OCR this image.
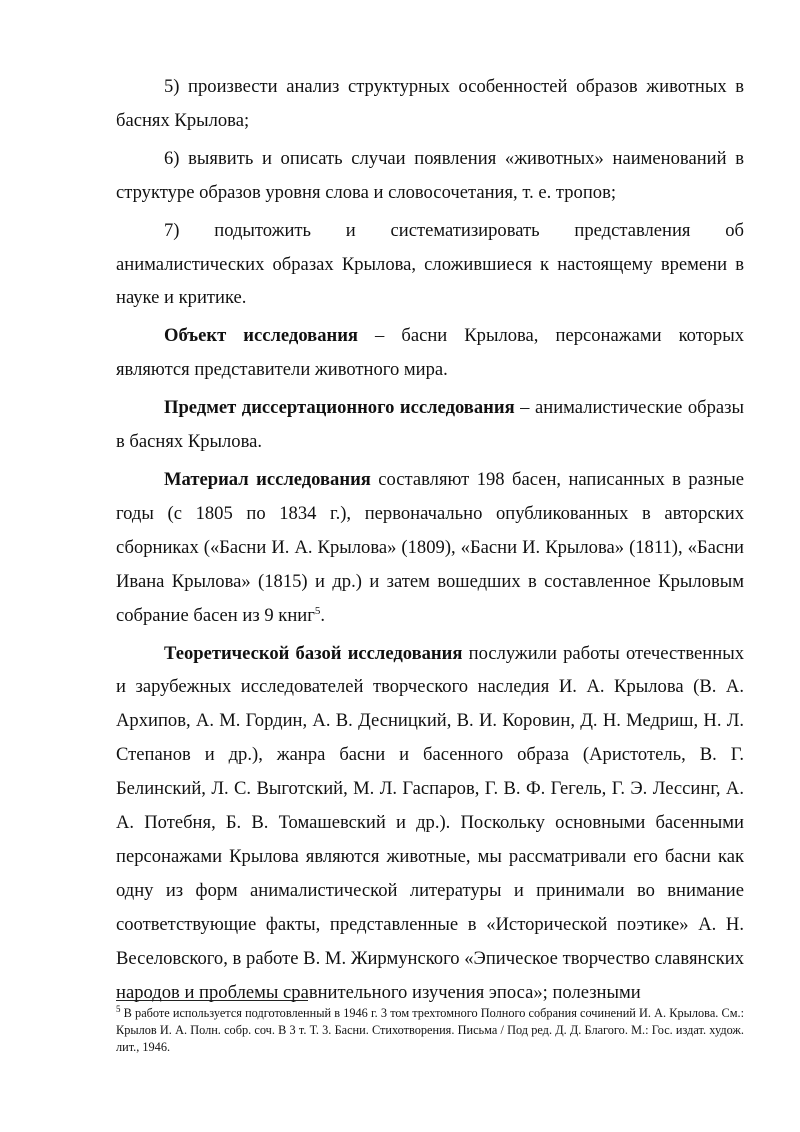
5) произвести анализ структурных особенностей образов животных в баснях Крылова;

6) выявить и описать случаи появления «животных» наименований в структуре образов уровня слова и словосочетания, т. е. тропов;

7) подытожить и систематизировать представления об анималистических образах Крылова, сложившиеся к настоящему времени в науке и критике.

Объект исследования – басни Крылова, персонажами которых являются представители животного мира.

Предмет диссертационного исследования – анималистические образы в баснях Крылова.

Материал исследования составляют 198 басен, написанных в разные годы (с 1805 по 1834 г.), первоначально опубликованных в авторских сборниках («Басни И. А. Крылова» (1809), «Басни И. Крылова» (1811), «Басни Ивана Крылова» (1815) и др.) и затем вошедших в составленное Крыловым собрание басен из 9 книг$^5$.

Теоретической базой исследования послужили работы отечественных и зарубежных исследователей творческого наследия И. А. Крылова (В. А. Архипов, А. М. Гордин, А. В. Десницкий, В. И. Коровин, Д. Н. Медриш, Н. Л. Степанов и др.), жанра басни и басенного образа (Аристотель, В. Г. Белинский, Л. С. Выготский, М. Л. Гаспаров, Г. В. Ф. Гегель, Г. Э. Лессинг, А. А. Потебня, Б. В. Томашевский и др.). Поскольку основными басенными персонажами Крылова являются животные, мы рассматривали его басни как одну из форм анималистической литературы и принимали во внимание соответствующие факты, представленные в «Исторической поэтике» А. Н. Веселовского, в работе В. М. Жирмунского «Эпическое творчество славянских народов и проблемы сравнительного изучения эпоса»; полезными

$^5$ В работе используется подготовленный в 1946 г. 3 том трехтомного Полного собрания сочинений И. А. Крылова. См.: Крылов И. А. Полн. собр. соч. В 3 т. Т. 3. Басни. Стихотворения. Письма / Под ред. Д. Д. Благого. М.: Гос. издат. худож. лит., 1946.
